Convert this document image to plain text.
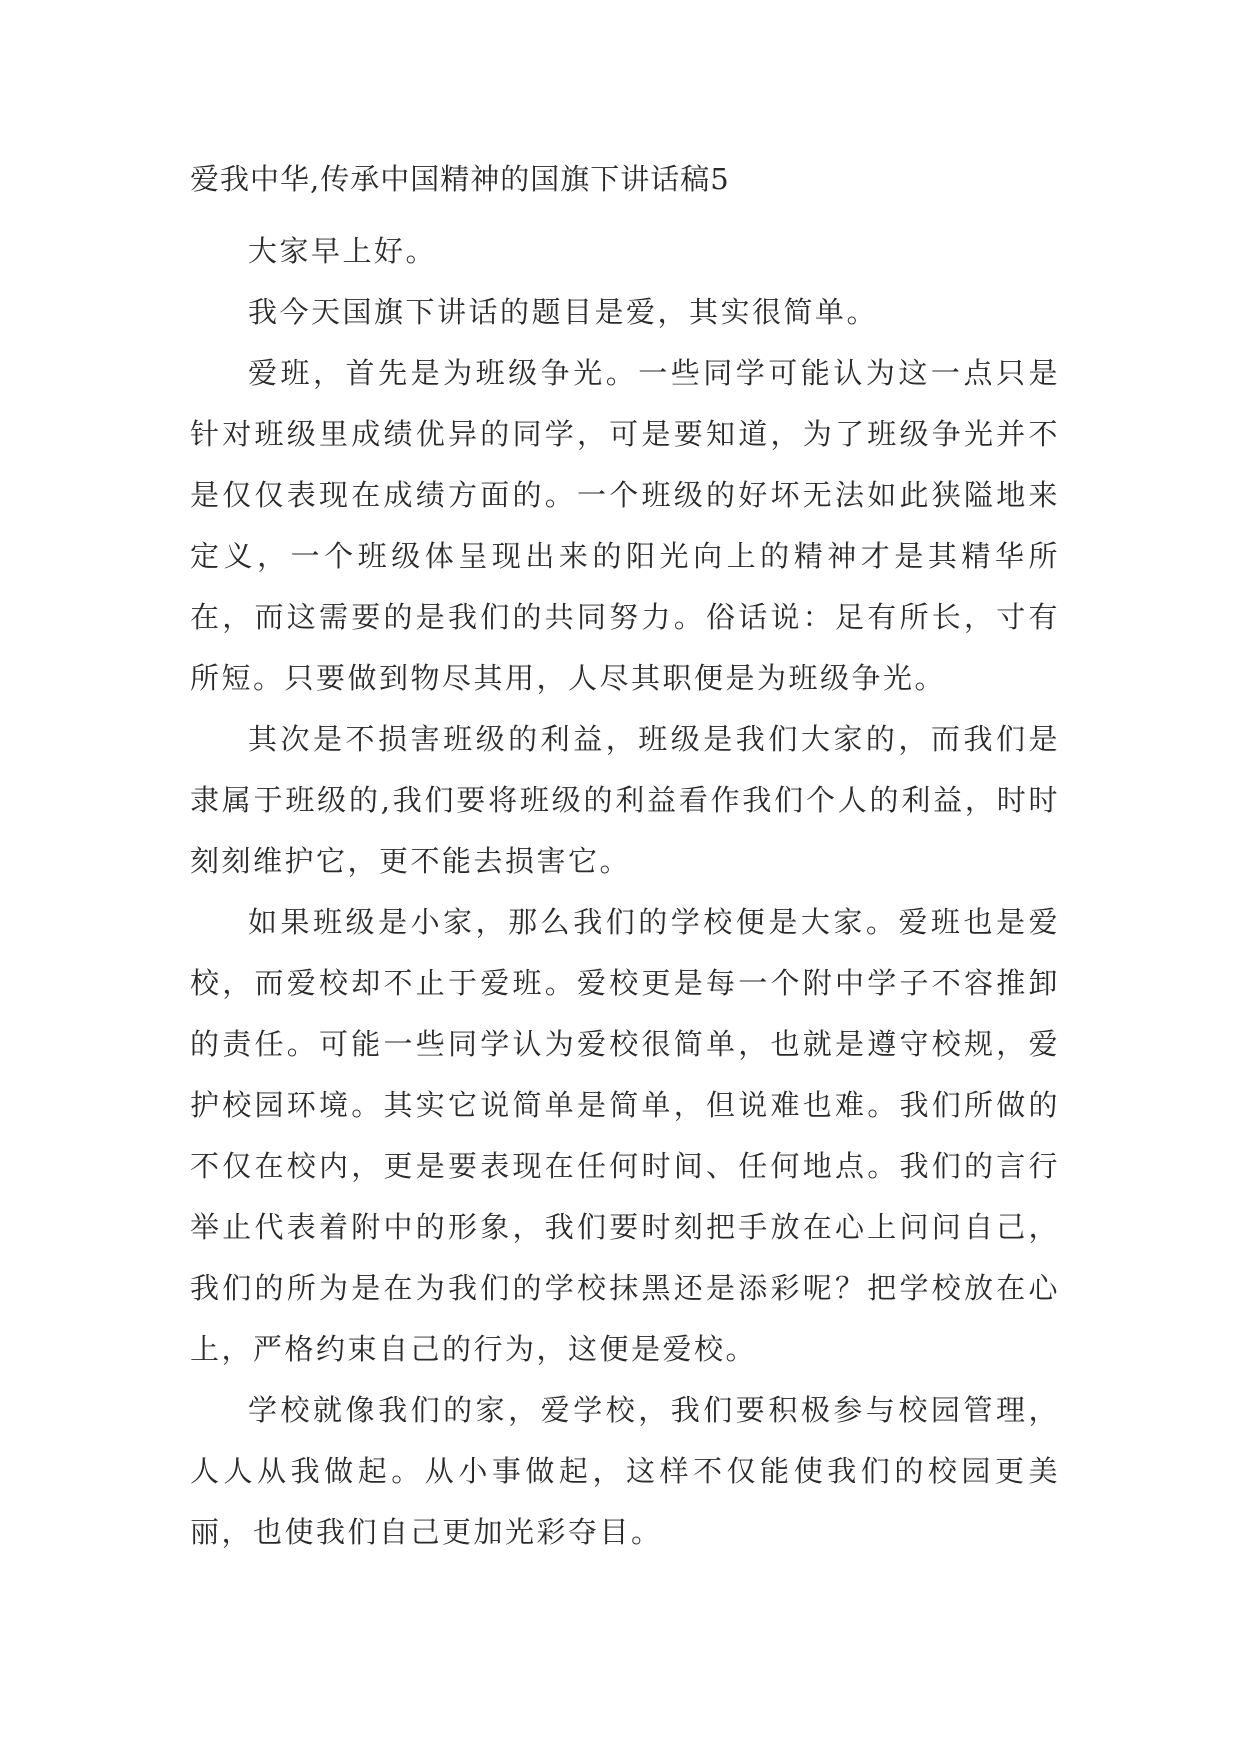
爱我中华,传承中国精神的国旗下讲话稿5

大家早上好。

我今天国旗下讲话的题目是爱，其实很简单。

爱班，首先是为班级争光。一些同学可能认为这一点只是针对班级里成绩优异的同学，可是要知道，为了班级争光并不是仅仅表现在成绩方面的。一个班级的好坏无法如此狭隘地来定义，一个班级体呈现出来的阳光向上的精神才是其精华所在，而这需要的是我们的共同努力。俗话说：足有所长，寸有所短。只要做到物尽其用，人尽其职便是为班级争光。

其次是不损害班级的利益，班级是我们大家的，而我们是隶属于班级的,我们要将班级的利益看作我们个人的利益，时时刻刻维护它，更不能去损害它。

如果班级是小家，那么我们的学校便是大家。爱班也是爱校，而爱校却不止于爱班。爱校更是每一个附中学子不容推卸的责任。可能一些同学认为爱校很简单，也就是遵守校规，爱护校园环境。其实它说简单是简单，但说难也难。我们所做的不仅在校内，更是要表现在任何时间、任何地点。我们的言行举止代表着附中的形象，我们要时刻把手放在心上问问自己，我们的所为是在为我们的学校抹黑还是添彩呢？把学校放在心上，严格约束自己的行为，这便是爱校。

学校就像我们的家，爱学校，我们要积极参与校园管理，人人从我做起。从小事做起，这样不仅能使我们的校园更美丽，也使我们自己更加光彩夺目。
